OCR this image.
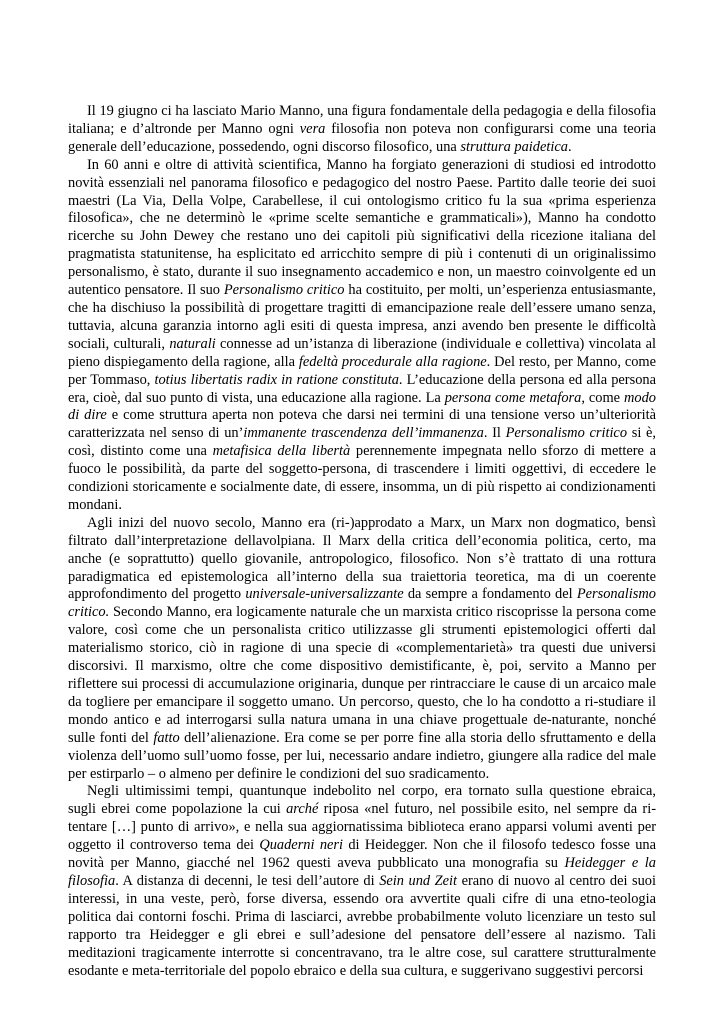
Il 19 giugno ci ha lasciato Mario Manno, una figura fondamentale della pedagogia e della filosofia italiana; e d’altronde per Manno ogni vera filosofia non poteva non configurarsi come una teoria generale dell’educazione, possedendo, ogni discorso filosofico, una struttura paidetica.

In 60 anni e oltre di attività scientifica, Manno ha forgiato generazioni di studiosi ed introdotto novità essenziali nel panorama filosofico e pedagogico del nostro Paese. Partito dalle teorie dei suoi maestri (La Via, Della Volpe, Carabellese, il cui ontologismo critico fu la sua «prima esperienza filosofica», che ne determinò le «prime scelte semantiche e grammaticali»), Manno ha condotto ricerche su John Dewey che restano uno dei capitoli più significativi della ricezione italiana del pragmatista statunitense, ha esplicitato ed arricchito sempre di più i contenuti di un originalissimo personalismo, è stato, durante il suo insegnamento accademico e non, un maestro coinvolgente ed un autentico pensatore. Il suo Personalismo critico ha costituito, per molti, un’esperienza entusiasmante, che ha dischiuso la possibilità di progettare tragitti di emancipazione reale dell’essere umano senza, tuttavia, alcuna garanzia intorno agli esiti di questa impresa, anzi avendo ben presente le difficoltà sociali, culturali, naturali connesse ad un’istanza di liberazione (individuale e collettiva) vincolata al pieno dispiegamento della ragione, alla fedeltà procedurale alla ragione. Del resto, per Manno, come per Tommaso, totius libertatis radix in ratione constituta. L’educazione della persona ed alla persona era, cioè, dal suo punto di vista, una educazione alla ragione. La persona come metafora, come modo di dire e come struttura aperta non poteva che darsi nei termini di una tensione verso un’ulteriorità caratterizzata nel senso di un’immanente trascendenza dell’immanenza. Il Personalismo critico si è, così, distinto come una metafisica della libertà perennemente impegnata nello sforzo di mettere a fuoco le possibilità, da parte del soggetto-persona, di trascendere i limiti oggettivi, di eccedere le condizioni storicamente e socialmente date, di essere, insomma, un di più rispetto ai condizionamenti mondani.

Agli inizi del nuovo secolo, Manno era (ri-)approdato a Marx, un Marx non dogmatico, bensì filtrato dall’interpretazione dellavolpiana. Il Marx della critica dell’economia politica, certo, ma anche (e soprattutto) quello giovanile, antropologico, filosofico. Non s’è trattato di una rottura paradigmatica ed epistemologica all’interno della sua traiettoria teoretica, ma di un coerente approfondimento del progetto universale-universalizzante da sempre a fondamento del Personalismo critico. Secondo Manno, era logicamente naturale che un marxista critico riscoprisse la persona come valore, così come che un personalista critico utilizzasse gli strumenti epistemologici offerti dal materialismo storico, ciò in ragione di una specie di «complementarietà» tra questi due universi discorsivi. Il marxismo, oltre che come dispositivo demistificante, è, poi, servito a Manno per riflettere sui processi di accumulazione originaria, dunque per rintracciare le cause di un arcaico male da togliere per emancipare il soggetto umano. Un percorso, questo, che lo ha condotto a ri-studiare il mondo antico e ad interrogarsi sulla natura umana in una chiave progettuale de-naturante, nonché sulle fonti del fatto dell’alienazione. Era come se per porre fine alla storia dello sfruttamento e della violenza dell’uomo sull’uomo fosse, per lui, necessario andare indietro, giungere alla radice del male per estirparlo – o almeno per definire le condizioni del suo sradicamento.

Negli ultimissimi tempi, quantunque indebolito nel corpo, era tornato sulla questione ebraica, sugli ebrei come popolazione la cui arché riposa «nel futuro, nel possibile esito, nel sempre da ri-tentare […] punto di arrivo», e nella sua aggiornatissima biblioteca erano apparsi volumi aventi per oggetto il controverso tema dei Quaderni neri di Heidegger. Non che il filosofo tedesco fosse una novità per Manno, giacché nel 1962 questi aveva pubblicato una monografia su Heidegger e la filosofia. A distanza di decenni, le tesi dell’autore di Sein und Zeit erano di nuovo al centro dei suoi interessi, in una veste, però, forse diversa, essendo ora avvertite quali cifre di una etno-teologia politica dai contorni foschi. Prima di lasciarci, avrebbe probabilmente voluto licenziare un testo sul rapporto tra Heidegger e gli ebrei e sull’adesione del pensatore dell’essere al nazismo. Tali meditazioni tragicamente interrotte si concentravano, tra le altre cose, sul carattere strutturalmente esodante e meta-territoriale del popolo ebraico e della sua cultura, e suggerivano suggestivi percorsi
